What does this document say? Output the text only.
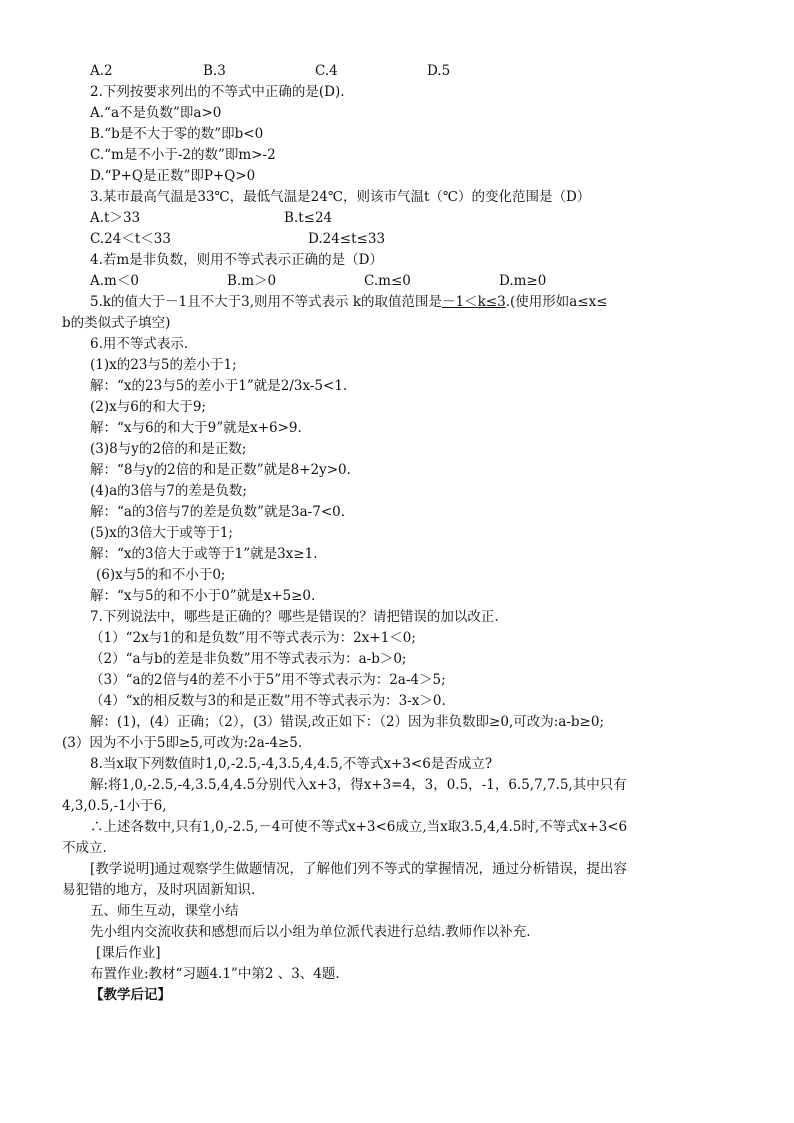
A.2	B.3	C.4	D.5
2.下列按要求列出的不等式中正确的是(D).
A.“a不是负数”即a>0
B.“b是不大于零的数”即b<0
C.“m是不小于-2的数”即m>-2
D.“P+Q是正数”即P+Q>0
3.某市最高气温是33℃，最低气温是24℃，则该市气温t（℃）的变化范围是（D）
A.t＞33	B.t≤24
C.24＜t＜33	D.24≤t≤33
4.若m是非负数，则用不等式表示正确的是（D）
A.m＜0	B.m＞0	C.m≤0	D.m≥0
5.k的值大于－1且不大于3,则用不等式表示 k的取值范围是－1＜k≤3.(使用形如a≤x≤
b的类似式子填空)
6.用不等式表示.
(1)x的23与5的差小于1;
解：“x的23与5的差小于1”就是2/3x-5<1.
(2)x与6的和大于9;
解：“x与6的和大于9”就是x+6>9.
(3)8与y的2倍的和是正数;
解：“8与y的2倍的和是正数”就是8+2y>0.
(4)a的3倍与7的差是负数;
解：“a的3倍与7的差是负数”就是3a-7<0.
(5)x的3倍大于或等于1;
解：“x的3倍大于或等于1”就是3x≥1.
(6)x与5的和不小于0;
解：“x与5的和不小于0”就是x+5≥0.
7.下列说法中，哪些是正确的？哪些是错误的？请把错误的加以改正.
（1）“2x与1的和是负数”用不等式表示为：2x+1＜0;
（2）“a与b的差是非负数”用不等式表示为：a-b＞0;
（3）“a的2倍与4的差不小于5”用不等式表示为：2a-4＞5;
（4）“x的相反数与3的和是正数”用不等式表示为：3-x＞0.
解：(1)，(4）正确；（2），(3）错误,改正如下：（2）因为非负数即≥0,可改为:a-b≥0;
(3）因为不小于5即≥5,可改为:2a-4≥5.
8.当x取下列数值时1,0,-2.5,-4,3.5,4,4.5,不等式x+3<6是否成立?
解:将1,0,-2.5,-4,3.5,4,4.5分别代入x+3，得x+3=4，3，0.5，-1，6.5,7,7.5,其中只有
4,3,0.5,-1小于6,
∴上述各数中,只有1,0,-2.5,－4可使不等式x+3<6成立,当x取3.5,4,4.5时,不等式x+3<6
不成立.
[教学说明]通过观察学生做题情况，了解他们列不等式的掌握情况，通过分析错误，提出容
易犯错的地方，及时巩固新知识.
五、师生互动，课堂小结
先小组内交流收获和感想而后以小组为单位派代表进行总结.教师作以补充.
[课后作业]
布置作业:教材“习题4.1”中第2 、3、4题.
【教学后记】
